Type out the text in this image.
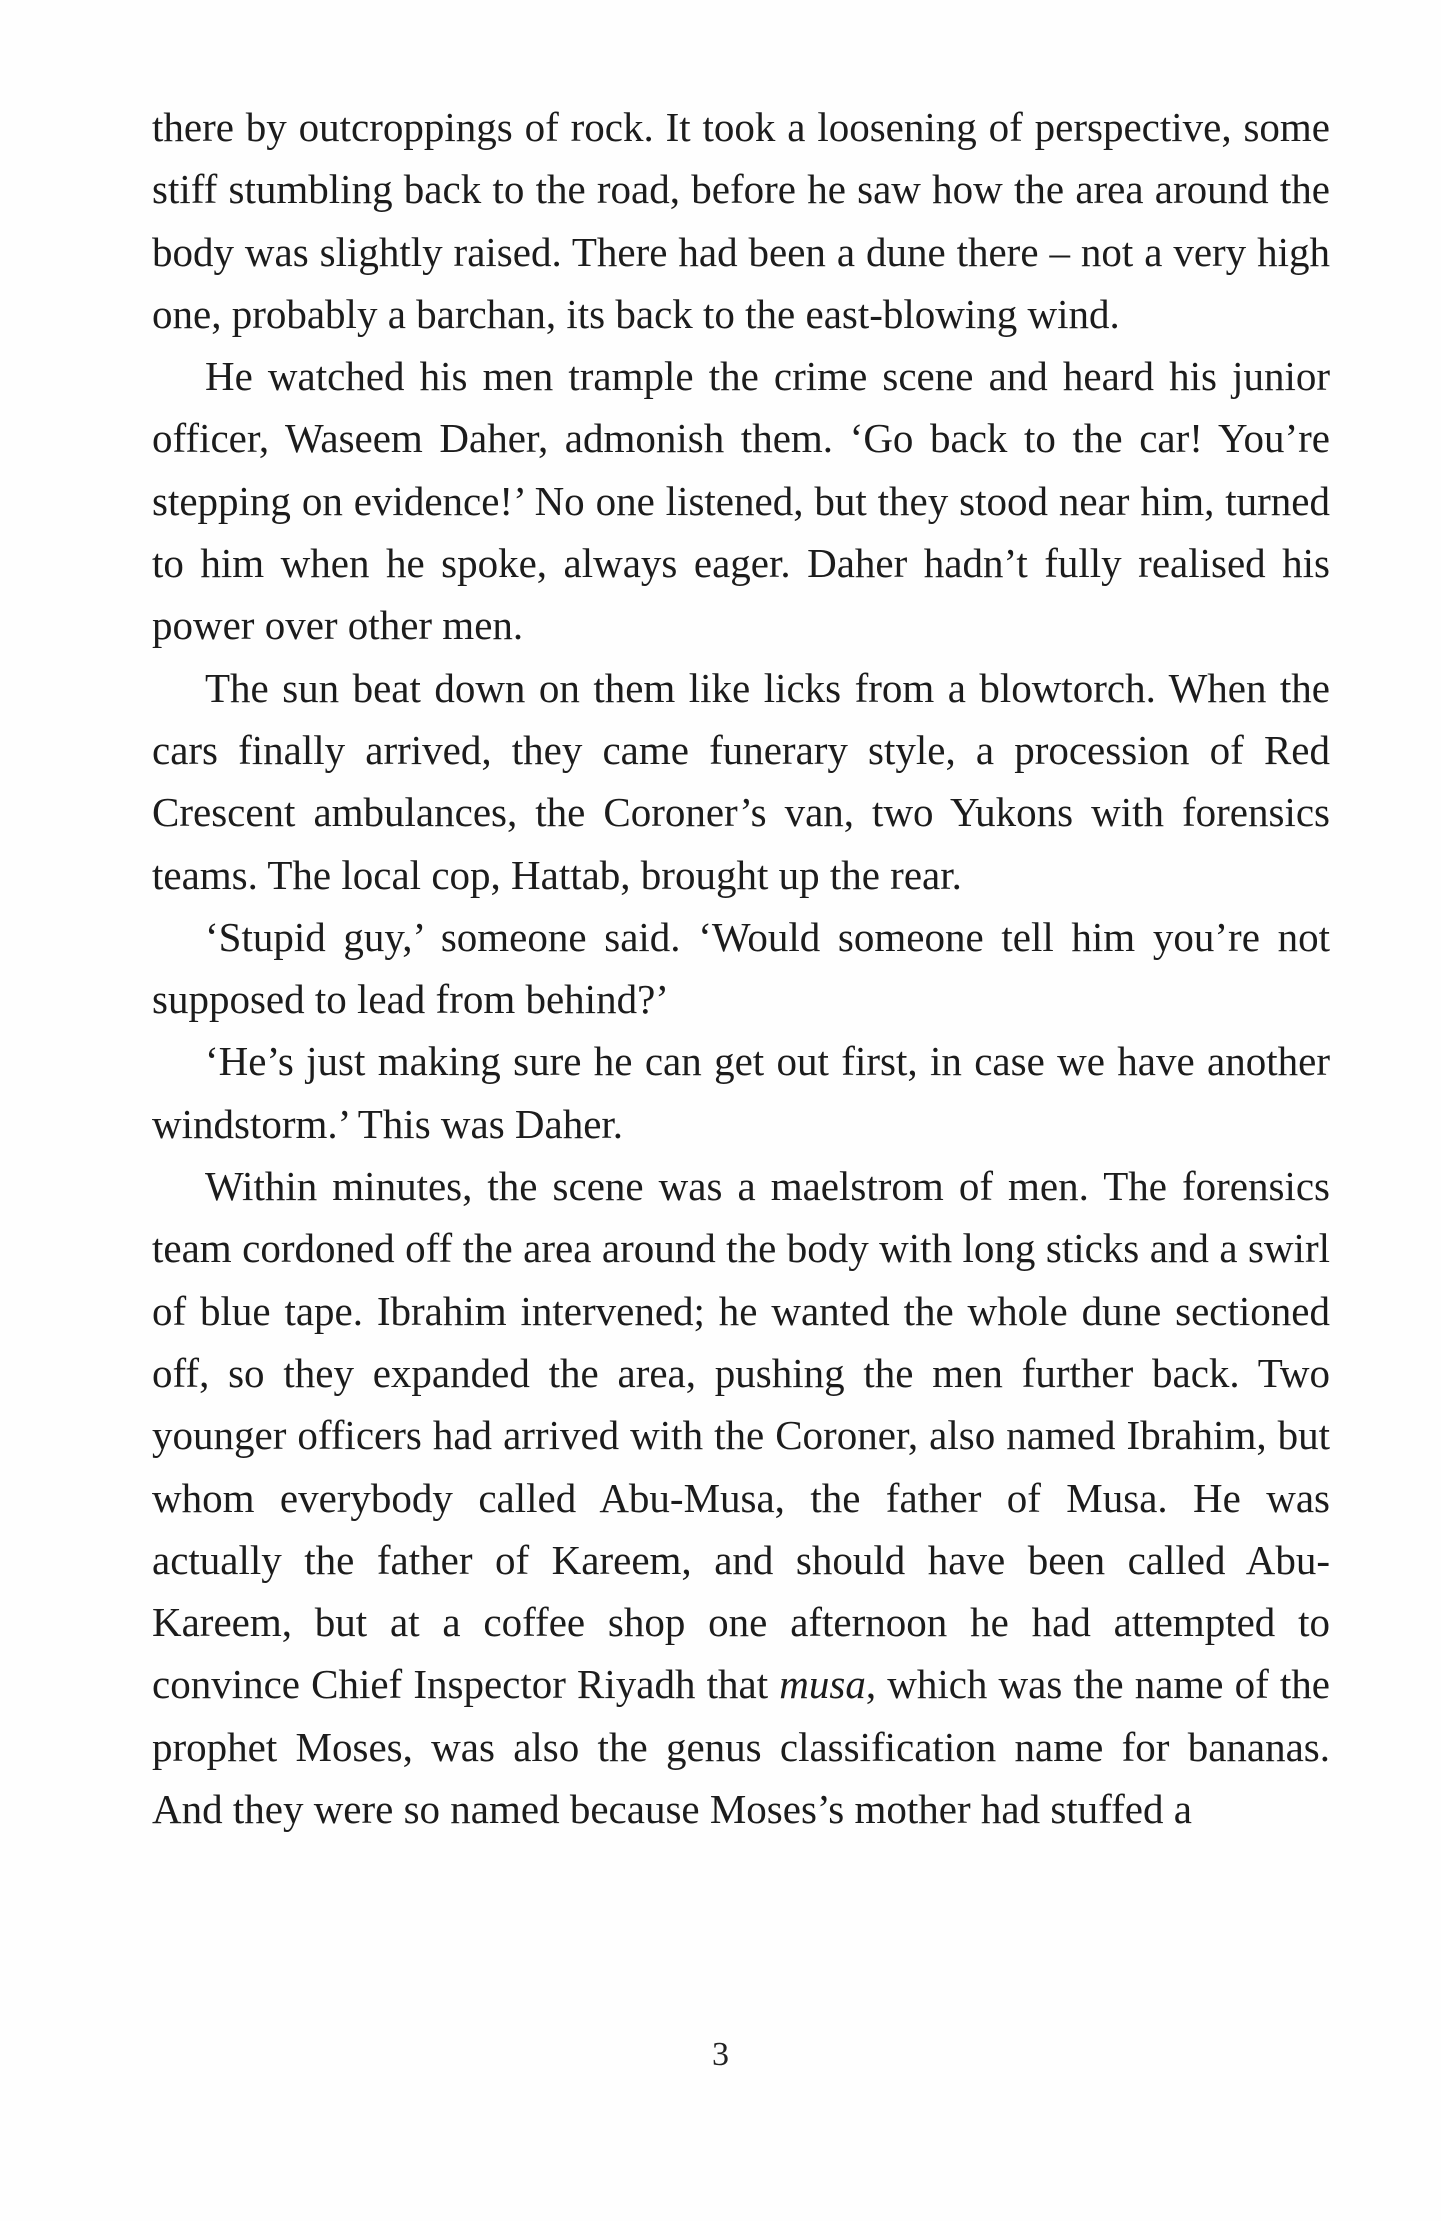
there by outcroppings of rock. It took a loosening of perspective, some stiff stumbling back to the road, before he saw how the area around the body was slightly raised. There had been a dune there – not a very high one, probably a barchan, its back to the east-blowing wind.

He watched his men trample the crime scene and heard his junior officer, Waseem Daher, admonish them. ‘Go back to the car! You’re stepping on evidence!’ No one listened, but they stood near him, turned to him when he spoke, always eager. Daher hadn’t fully realised his power over other men.

The sun beat down on them like licks from a blowtorch. When the cars finally arrived, they came funerary style, a procession of Red Crescent ambulances, the Coroner’s van, two Yukons with forensics teams. The local cop, Hattab, brought up the rear.

‘Stupid guy,’ someone said. ‘Would someone tell him you’re not supposed to lead from behind?’

‘He’s just making sure he can get out first, in case we have another windstorm.’ This was Daher.

Within minutes, the scene was a maelstrom of men. The forensics team cordoned off the area around the body with long sticks and a swirl of blue tape. Ibrahim intervened; he wanted the whole dune sectioned off, so they expanded the area, pushing the men further back. Two younger officers had arrived with the Coroner, also named Ibrahim, but whom everybody called Abu-Musa, the father of Musa. He was actually the father of Kareem, and should have been called Abu-Kareem, but at a coffee shop one afternoon he had attempted to convince Chief Inspector Riyadh that musa, which was the name of the prophet Moses, was also the genus classification name for bananas. And they were so named because Moses’s mother had stuffed a

3
